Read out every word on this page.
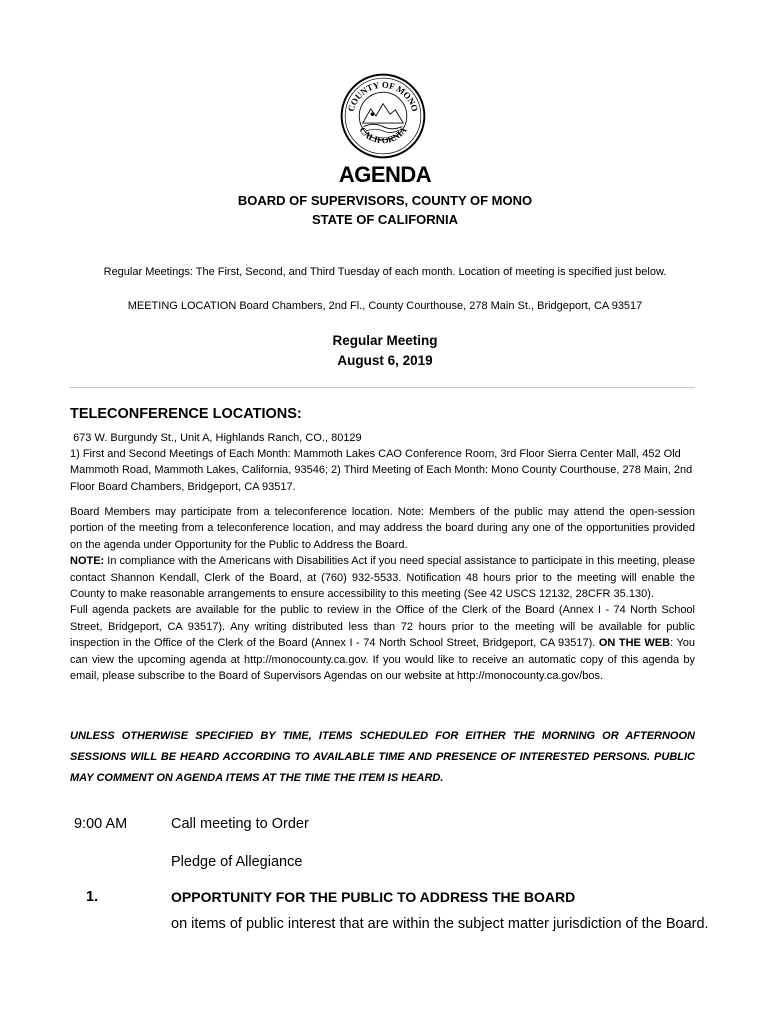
COUNTY OF MONO
CALIFORNIA
AGENDA
BOARD OF SUPERVISORS, COUNTY OF MONO
STATE OF CALIFORNIA
Regular Meetings: The First, Second, and Third Tuesday of each month. Location of meeting is specified just below.
MEETING LOCATION Board Chambers, 2nd Fl., County Courthouse, 278 Main St., Bridgeport, CA 93517
Regular Meeting
August 6, 2019
TELECONFERENCE LOCATIONS:
673 W. Burgundy St., Unit A, Highlands Ranch, CO., 80129
1) First and Second Meetings of Each Month: Mammoth Lakes CAO Conference Room, 3rd Floor Sierra Center Mall, 452 Old Mammoth Road, Mammoth Lakes, California, 93546; 2) Third Meeting of Each Month: Mono County Courthouse, 278 Main, 2nd Floor Board Chambers, Bridgeport, CA 93517.

Board Members may participate from a teleconference location. Note: Members of the public may attend the open-session portion of the meeting from a teleconference location, and may address the board during any one of the opportunities provided on the agenda under Opportunity for the Public to Address the Board.

NOTE: In compliance with the Americans with Disabilities Act if you need special assistance to participate in this meeting, please contact Shannon Kendall, Clerk of the Board, at (760) 932-5533. Notification 48 hours prior to the meeting will enable the County to make reasonable arrangements to ensure accessibility to this meeting (See 42 USCS 12132, 28CFR 35.130).

Full agenda packets are available for the public to review in the Office of the Clerk of the Board (Annex I - 74 North School Street, Bridgeport, CA 93517). Any writing distributed less than 72 hours prior to the meeting will be available for public inspection in the Office of the Clerk of the Board (Annex I - 74 North School Street, Bridgeport, CA 93517). ON THE WEB: You can view the upcoming agenda at http://monocounty.ca.gov. If you would like to receive an automatic copy of this agenda by email, please subscribe to the Board of Supervisors Agendas on our website at http://monocounty.ca.gov/bos.

UNLESS OTHERWISE SPECIFIED BY TIME, ITEMS SCHEDULED FOR EITHER THE MORNING OR AFTERNOON SESSIONS WILL BE HEARD ACCORDING TO AVAILABLE TIME AND PRESENCE OF INTERESTED PERSONS. PUBLIC MAY COMMENT ON AGENDA ITEMS AT THE TIME THE ITEM IS HEARD.
9:00 AM	Call meeting to Order
Pledge of Allegiance
1.	OPPORTUNITY FOR THE PUBLIC TO ADDRESS THE BOARD
on items of public interest that are within the subject matter jurisdiction of the Board.
